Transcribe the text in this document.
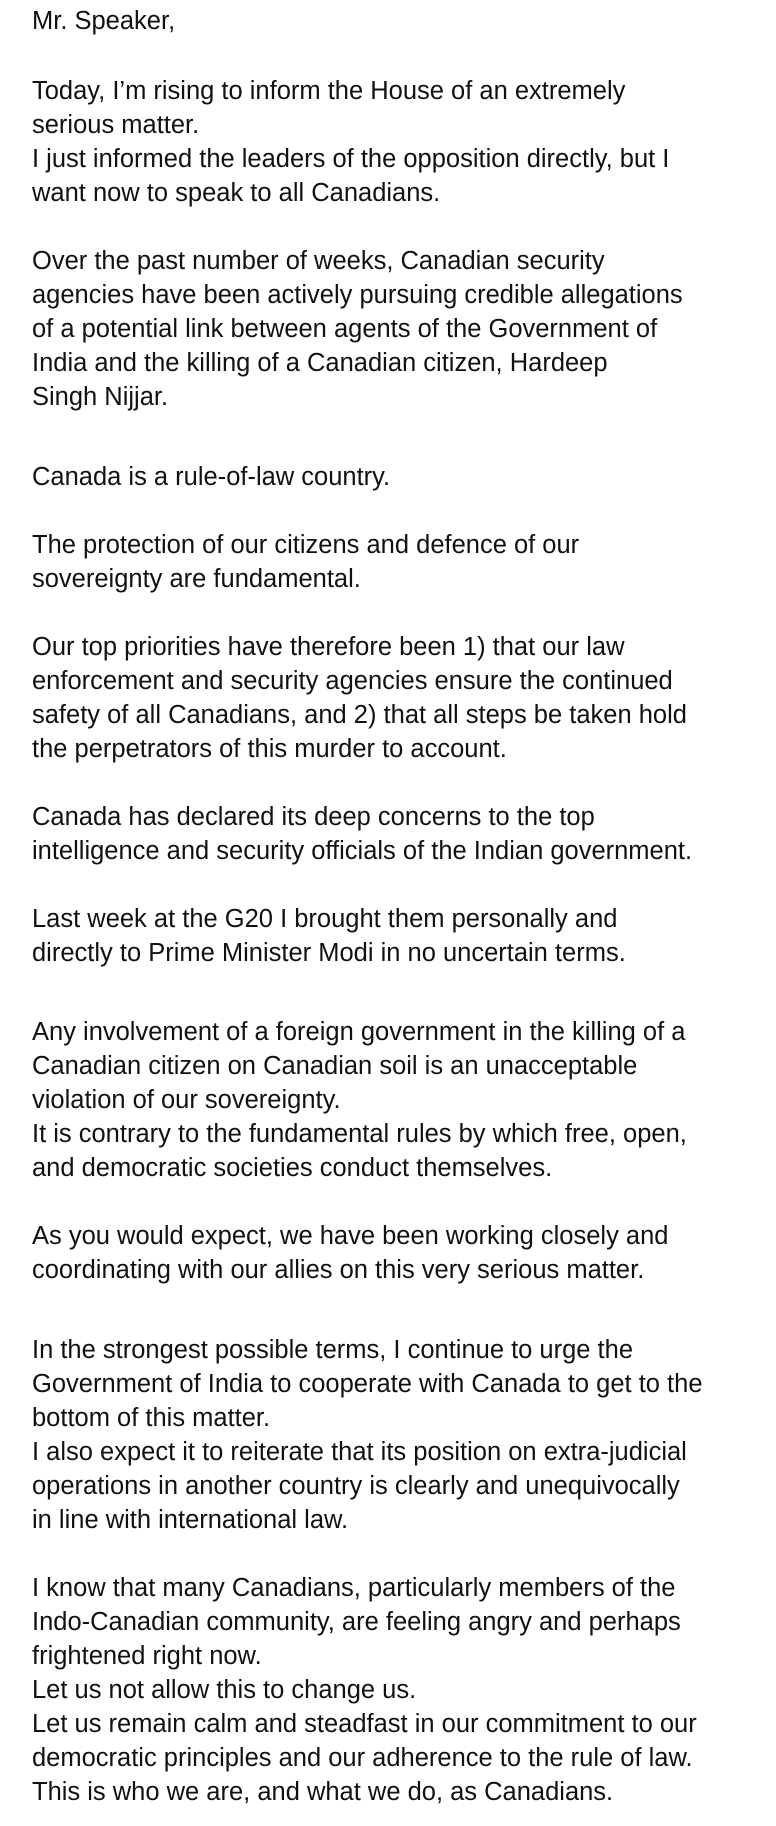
Mr. Speaker,
Today, I’m rising to inform the House of an extremely
serious matter.
I just informed the leaders of the opposition directly, but I
want now to speak to all Canadians.
Over the past number of weeks, Canadian security
agencies have been actively pursuing credible allegations
of a potential link between agents of the Government of
India and the killing of a Canadian citizen, Hardeep
Singh Nijjar.
Canada is a rule-of-law country.
The protection of our citizens and defence of our
sovereignty are fundamental.
Our top priorities have therefore been 1) that our law
enforcement and security agencies ensure the continued
safety of all Canadians, and 2) that all steps be taken hold
the perpetrators of this murder to account.
Canada has declared its deep concerns to the top
intelligence and security officials of the Indian government.
Last week at the G20 I brought them personally and
directly to Prime Minister Modi in no uncertain terms.
Any involvement of a foreign government in the killing of a
Canadian citizen on Canadian soil is an unacceptable
violation of our sovereignty.
It is contrary to the fundamental rules by which free, open,
and democratic societies conduct themselves.
As you would expect, we have been working closely and
coordinating with our allies on this very serious matter.
In the strongest possible terms, I continue to urge the
Government of India to cooperate with Canada to get to the
bottom of this matter.
I also expect it to reiterate that its position on extra-judicial
operations in another country is clearly and unequivocally
in line with international law.
I know that many Canadians, particularly members of the
Indo-Canadian community, are feeling angry and perhaps
frightened right now.
Let us not allow this to change us.
Let us remain calm and steadfast in our commitment to our
democratic principles and our adherence to the rule of law.
This is who we are, and what we do, as Canadians.
